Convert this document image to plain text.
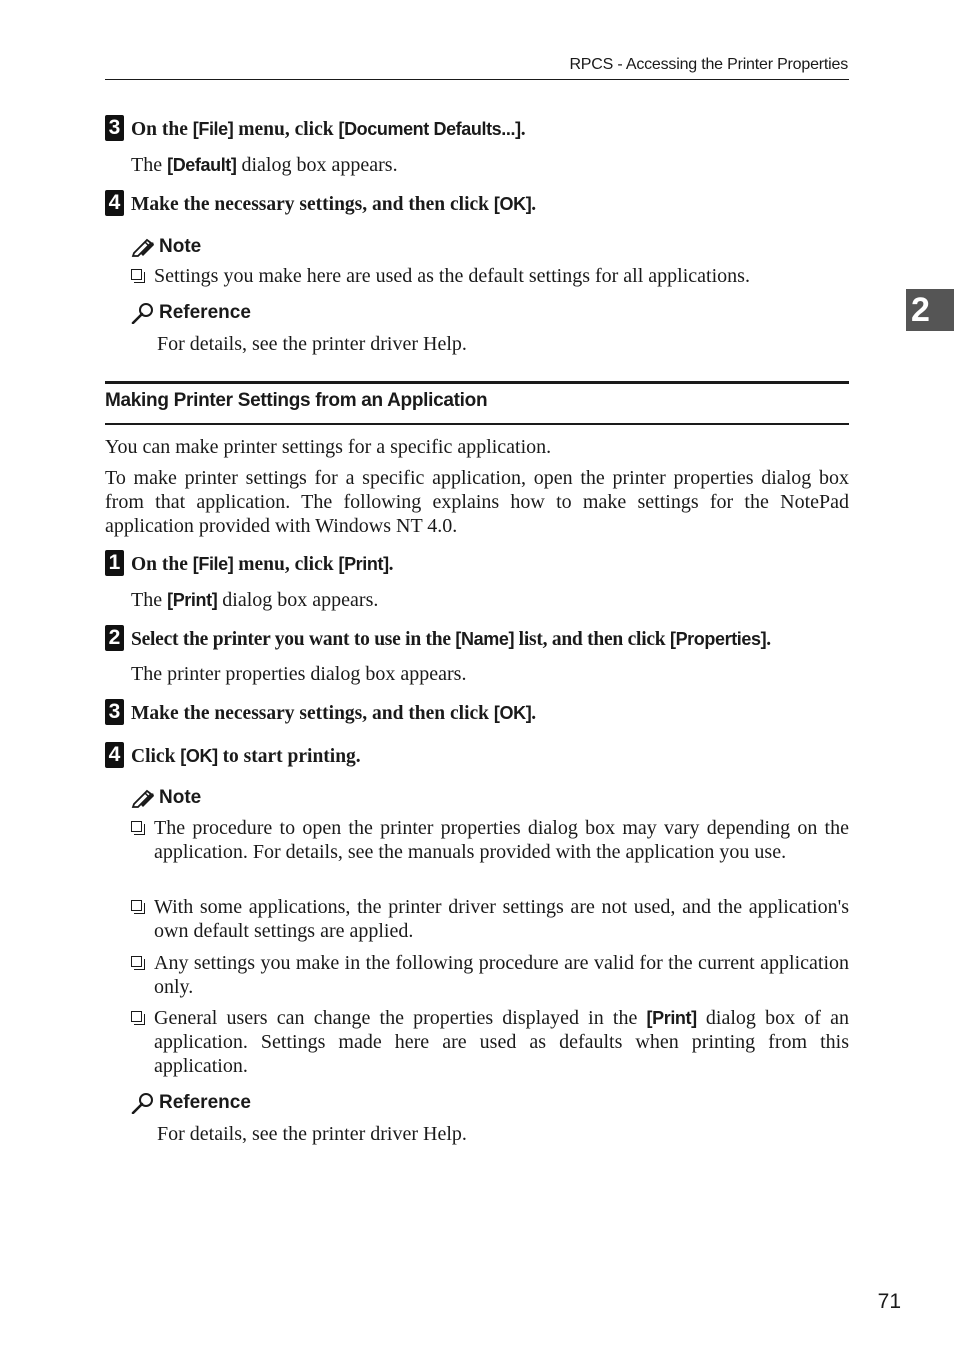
RPCS - Accessing the Printer Properties
2
3 On the [File] menu, click [Document Defaults...].
The [Default] dialog box appears.
4 Make the necessary settings, and then click [OK].
Note
Settings you make here are used as the default settings for all applications.
Reference
For details, see the printer driver Help.
Making Printer Settings from an Application
You can make printer settings for a specific application.
To make printer settings for a specific application, open the printer properties dialog box from that application. The following explains how to make settings for the NotePad application provided with Windows NT 4.0.
1 On the [File] menu, click [Print].
The [Print] dialog box appears.
2 Select the printer you want to use in the [Name] list, and then click [Properties].
The printer properties dialog box appears.
3 Make the necessary settings, and then click [OK].
4 Click [OK] to start printing.
Note
The procedure to open the printer properties dialog box may vary depending on the application. For details, see the manuals provided with the application you use.
With some applications, the printer driver settings are not used, and the application's own default settings are applied.
Any settings you make in the following procedure are valid for the current application only.
General users can change the properties displayed in the [Print] dialog box of an application. Settings made here are used as defaults when printing from this application.
Reference
For details, see the printer driver Help.
71
